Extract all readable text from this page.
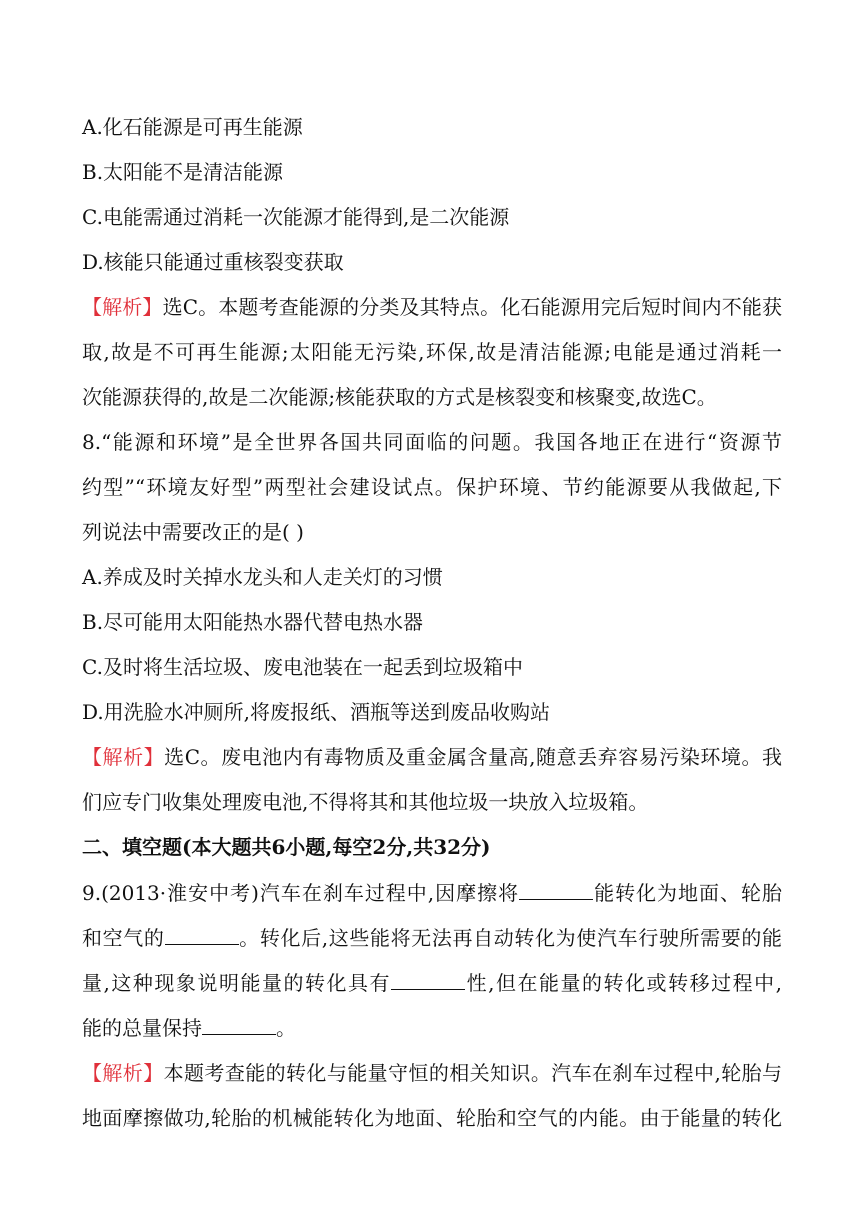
A.化石能源是可再生能源
B.太阳能不是清洁能源
C.电能需通过消耗一次能源才能得到,是二次能源
D.核能只能通过重核裂变获取
【解析】选C。本题考查能源的分类及其特点。化石能源用完后短时间内不能获
取,故是不可再生能源;太阳能无污染,环保,故是清洁能源;电能是通过消耗一
次能源获得的,故是二次能源;核能获取的方式是核裂变和核聚变,故选C。
8.“能源和环境”是全世界各国共同面临的问题。我国各地正在进行“资源节
约型”“环境友好型”两型社会建设试点。保护环境、节约能源要从我做起,下
列说法中需要改正的是( )
A.养成及时关掉水龙头和人走关灯的习惯
B.尽可能用太阳能热水器代替电热水器
C.及时将生活垃圾、废电池装在一起丢到垃圾箱中
D.用洗脸水冲厕所,将废报纸、酒瓶等送到废品收购站
【解析】选C。废电池内有毒物质及重金属含量高,随意丢弃容易污染环境。我
们应专门收集处理废电池,不得将其和其他垃圾一块放入垃圾箱。
二、填空题(本大题共6小题,每空2分,共32分)
9.(2013·淮安中考)汽车在刹车过程中,因摩擦将	能转化为地面、轮胎
和空气的	。转化后,这些能将无法再自动转化为使汽车行驶所需要的能
量,这种现象说明能量的转化具有	性,但在能量的转化或转移过程中,
能的总量保持	。
【解析】本题考查能的转化与能量守恒的相关知识。汽车在刹车过程中,轮胎与
地面摩擦做功,轮胎的机械能转化为地面、轮胎和空气的内能。由于能量的转化
